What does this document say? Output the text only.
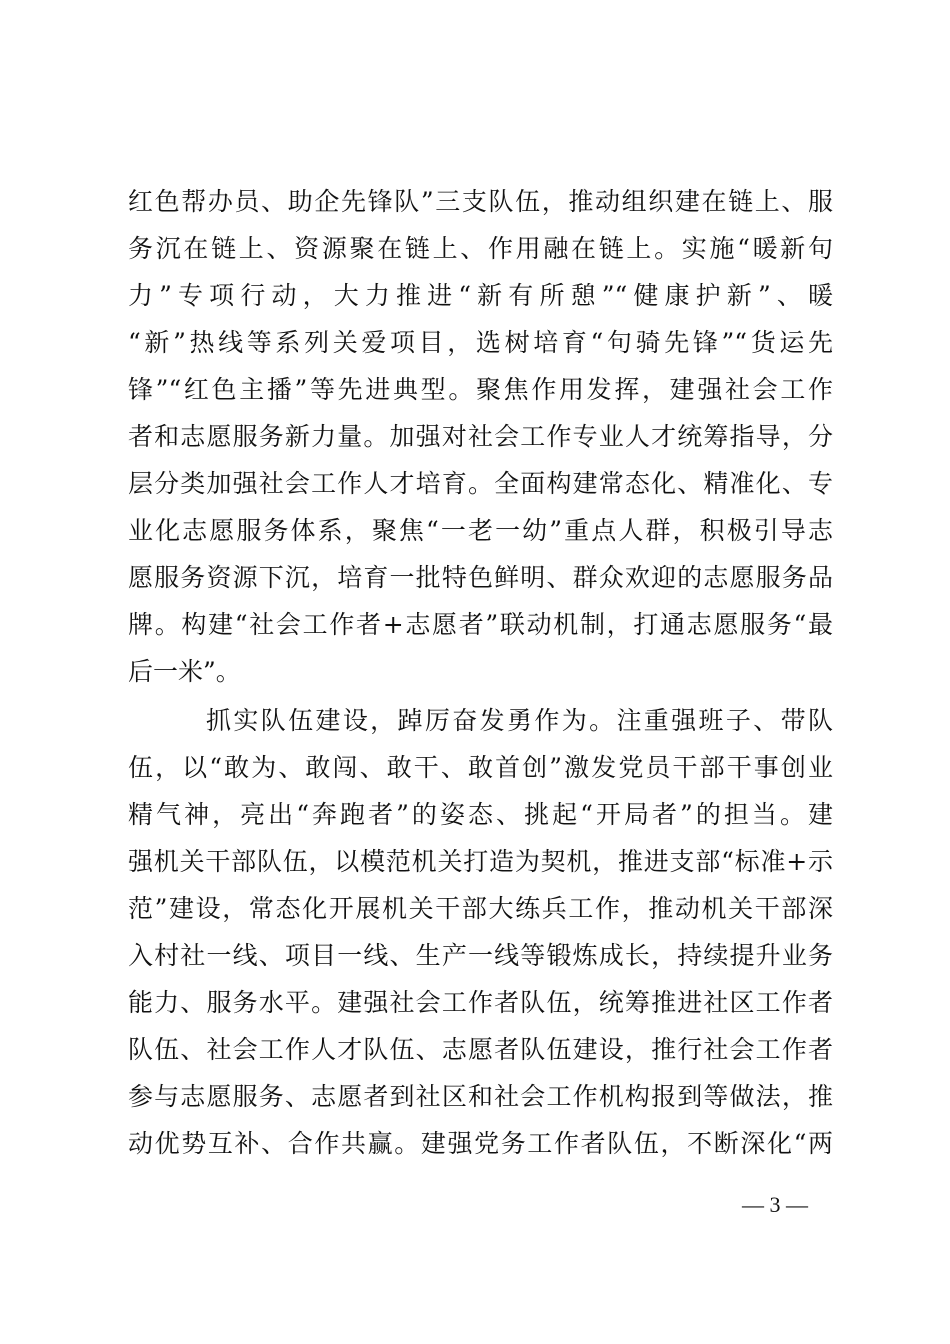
红色帮办员、助企先锋队”三支队伍，推动组织建在链上、服
务沉在链上、资源聚在链上、作用融在链上。实施“暖新句
力”专项行动，大力推进“新有所憩”“健康护新”、暖
“新”热线等系列关爱项目，选树培育“句骑先锋”“货运先
锋”“红色主播”等先进典型。聚焦作用发挥，建强社会工作
者和志愿服务新力量。加强对社会工作专业人才统筹指导，分
层分类加强社会工作人才培育。全面构建常态化、精准化、专
业化志愿服务体系，聚焦“一老一幼”重点人群，积极引导志
愿服务资源下沉，培育一批特色鲜明、群众欢迎的志愿服务品
牌。构建“社会工作者+志愿者”联动机制，打通志愿服务“最
后一米”。
抓实队伍建设，踔厉奋发勇作为。注重强班子、带队
伍，以“敢为、敢闯、敢干、敢首创”激发党员干部干事创业
精气神，亮出“奔跑者”的姿态、挑起“开局者”的担当。建
强机关干部队伍，以模范机关打造为契机，推进支部“标准+示
范”建设，常态化开展机关干部大练兵工作，推动机关干部深
入村社一线、项目一线、生产一线等锻炼成长，持续提升业务
能力、服务水平。建强社会工作者队伍，统筹推进社区工作者
队伍、社会工作人才队伍、志愿者队伍建设，推行社会工作者
参与志愿服务、志愿者到社区和社会工作机构报到等做法，推
动优势互补、合作共赢。建强党务工作者队伍，不断深化“两
— 3 —
